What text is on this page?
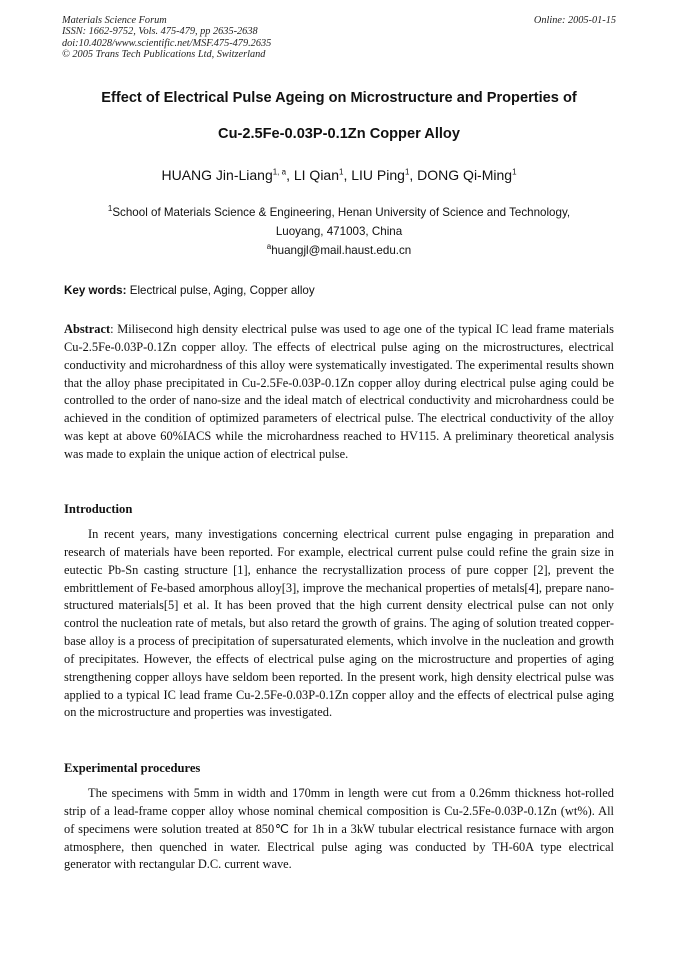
Materials Science Forum
ISSN: 1662-9752, Vols. 475-479, pp 2635-2638
doi:10.4028/www.scientific.net/MSF.475-479.2635
© 2005 Trans Tech Publications Ltd, Switzerland
Online: 2005-01-15
Effect of Electrical Pulse Ageing on Microstructure and Properties of
Cu-2.5Fe-0.03P-0.1Zn Copper Alloy
HUANG Jin-Liang$^{1, a}$, LI Qian$^1$, LIU Ping$^1$, DONG Qi-Ming$^1$
$^1$School of Materials Science & Engineering, Henan University of Science and Technology,
Luoyang, 471003, China
$^a$huangjl@mail.haust.edu.cn
Key words: Electrical pulse, Aging, Copper alloy
Abstract: Milisecond high density electrical pulse was used to age one of the typical IC lead frame materials Cu-2.5Fe-0.03P-0.1Zn copper alloy. The effects of electrical pulse aging on the microstructures, electrical conductivity and microhardness of this alloy were systematically investigated. The experimental results shown that the alloy phase precipitated in Cu-2.5Fe-0.03P-0.1Zn copper alloy during electrical pulse aging could be controlled to the order of nano-size and the ideal match of electrical conductivity and microhardness could be achieved in the condition of optimized parameters of electrical pulse. The electrical conductivity of the alloy was kept at above 60%IACS while the microhardness reached to HV115. A preliminary theoretical analysis was made to explain the unique action of electrical pulse.
Introduction
In recent years, many investigations concerning electrical current pulse engaging in preparation and research of materials have been reported. For example, electrical current pulse could refine the grain size in eutectic Pb-Sn casting structure [1], enhance the recrystallization process of pure copper [2], prevent the embrittlement of Fe-based amorphous alloy[3], improve the mechanical properties of metals[4], prepare nano-structured materials[5] et al. It has been proved that the high current density electrical pulse can not only control the nucleation rate of metals, but also retard the growth of grains. The aging of solution treated copper-base alloy is a process of precipitation of supersaturated elements, which involve in the nucleation and growth of precipitates. However, the effects of electrical pulse aging on the microstructure and properties of aging strengthening copper alloys have seldom been reported. In the present work, high density electrical pulse was applied to a typical IC lead frame Cu-2.5Fe-0.03P-0.1Zn copper alloy and the effects of electrical pulse aging on the microstructure and properties was investigated.
Experimental procedures
The specimens with 5mm in width and 170mm in length were cut from a 0.26mm thickness hot-rolled strip of a lead-frame copper alloy whose nominal chemical composition is Cu-2.5Fe-0.03P-0.1Zn (wt%). All of specimens were solution treated at 850℃ for 1h in a 3kW tubular electrical resistance furnace with argon atmosphere, then quenched in water. Electrical pulse aging was conducted by TH-60A type electrical generator with rectangular D.C. current wave.
